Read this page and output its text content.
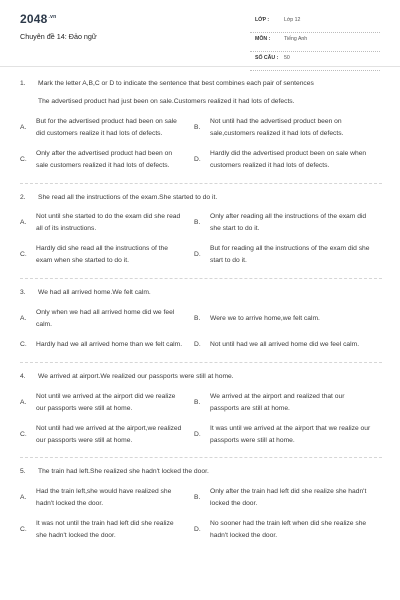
$2048^{.vn}$
Chuyên đề 14: Đảo ngữ
LỚP :	Lớp 12
MÔN :	Tiếng Anh
SỐ CÂU : 50
1.	Mark the letter A,B,C or D to indicate the sentence that best combines each pair of sentences
The advertised product had just been on sale.Customers realized it had lots of defects.
A.
But for the advertised product had been on sale did customers realize it had lots of defects.
B.
Not until had the advertised product been on sale,customers realized it had lots of defects.
C.
Only after the advertised product had been on sale customers realized it had lots of defects.
D.
Hardly did the advertised product been on sale when customers realized it had lots of defects.
2.	She read all the instructions of the exam.She started to do it.
A.
Not until she started to do the exam did she read all of its instructions.
B.
Only after reading all the instructions of the exam did she start to do it.
C.
Hardly did she read all the instructions of the exam when she started to do it.
D.
But for reading all the instructions of the exam did she start to do it.
3.	We had all arrived home.We felt calm.
A.
Only when we had all arrived home did we feel calm.
B.	Were we to arrive home,we felt calm.
C.	Hardly had we all arrived home than we felt calm.	D.	Not until had we all arrived home did we feel calm.
4.	We arrived at airport.We realized our passports were still at home.
A.
Not until we arrived at the airport did we realize our passports were still at home.
B.
We arrived at the airport and realized that our passports are still at home.
C.
Not until had we arrived at the airport,we realized our passports were still at home.
D.
It was until we arrived at the airport that we realize our passports were still at home.
5.	The train had left.She realized she hadn't locked the door.
A.
Had the train left,she would have realized she hadn't locked the door.
B.
Only after the train had left did she realize she hadn't locked the door.
C.
It was not until the train had left did she realize she hadn't locked the door.
D.
No sooner had the train left when did she realize she hadn't locked the door.
